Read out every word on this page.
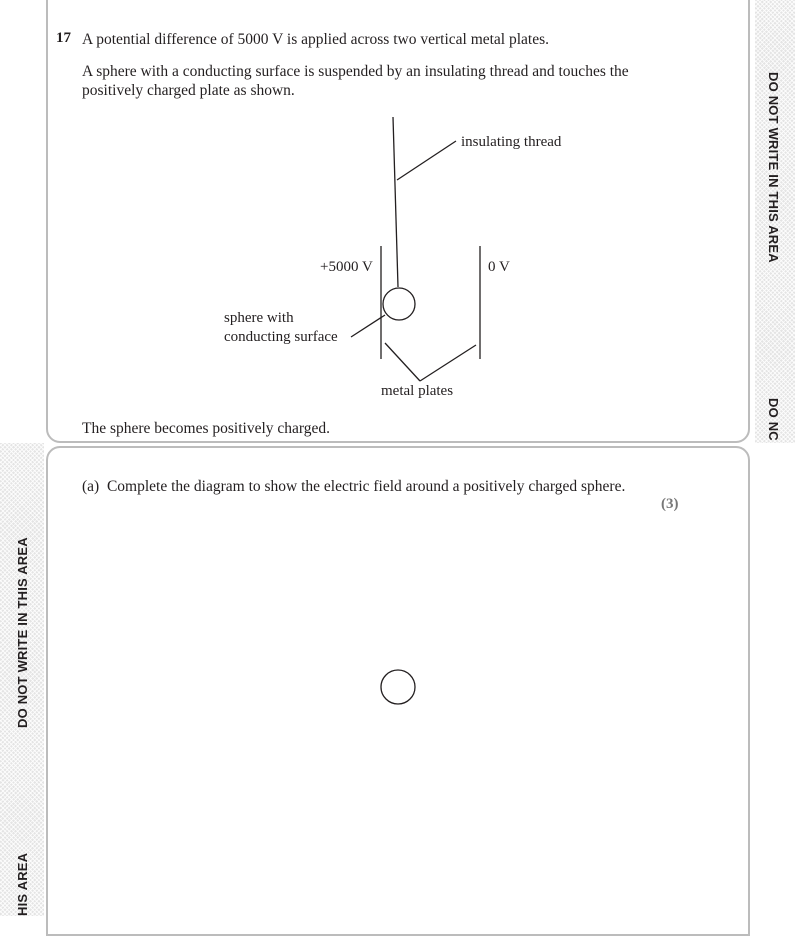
DO NOT WRITE IN THIS AREA
DO NC
DO NOT WRITE IN THIS AREA
HIS AREA
17 A potential difference of 5000 V is applied across two vertical metal plates.
A sphere with a conducting surface is suspended by an insulating thread and touches the
positively charged plate as shown.
insulating thread
+5000 V	0 V
sphere with
conducting surface
metal plates
The sphere becomes positively charged.
(a)  Complete the diagram to show the electric field around a positively charged sphere.
(3)
